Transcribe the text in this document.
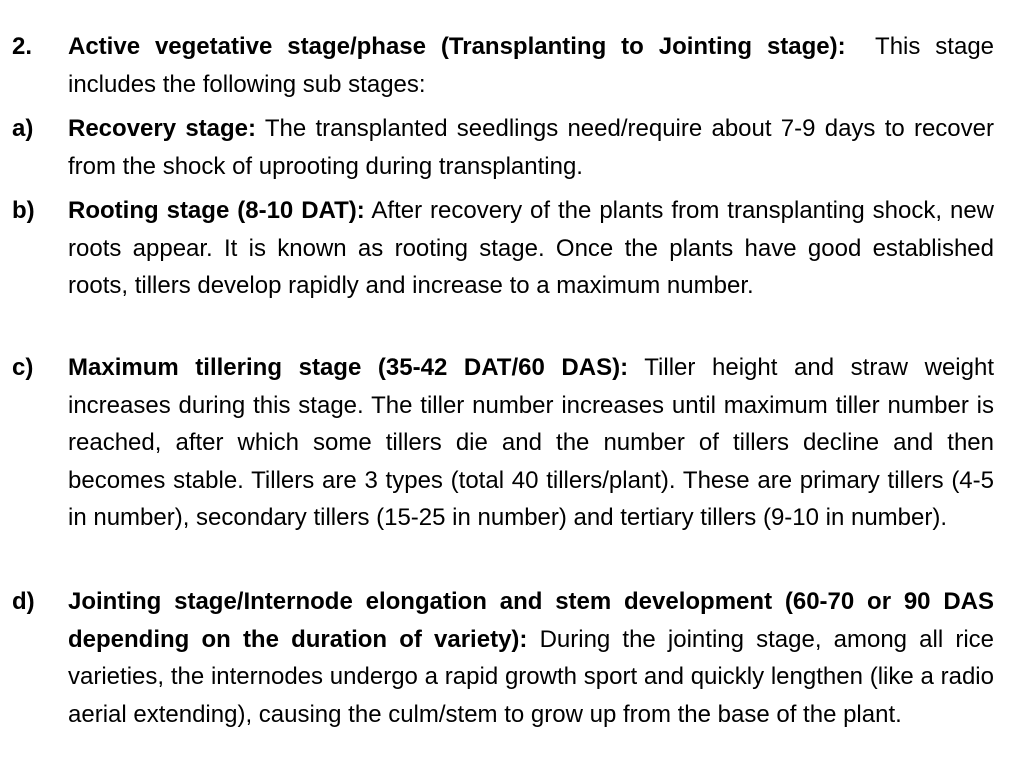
2. Active vegetative stage/phase (Transplanting to Jointing stage): This stage includes the following sub stages:
a) Recovery stage: The transplanted seedlings need/require about 7-9 days to recover from the shock of uprooting during transplanting.
b) Rooting stage (8-10 DAT): After recovery of the plants from transplanting shock, new roots appear. It is known as rooting stage. Once the plants have good established roots, tillers develop rapidly and increase to a maximum number.
c) Maximum tillering stage (35-42 DAT/60 DAS): Tiller height and straw weight increases during this stage. The tiller number increases until maximum tiller number is reached, after which some tillers die and the number of tillers decline and then becomes stable. Tillers are 3 types (total 40 tillers/plant). These are primary tillers (4-5 in number), secondary tillers (15-25 in number) and tertiary tillers (9-10 in number).
d) Jointing stage/Internode elongation and stem development (60-70 or 90 DAS depending on the duration of variety): During the jointing stage, among all rice varieties, the internodes undergo a rapid growth sport and quickly lengthen (like a radio aerial extending), causing the culm/stem to grow up from the base of the plant.
